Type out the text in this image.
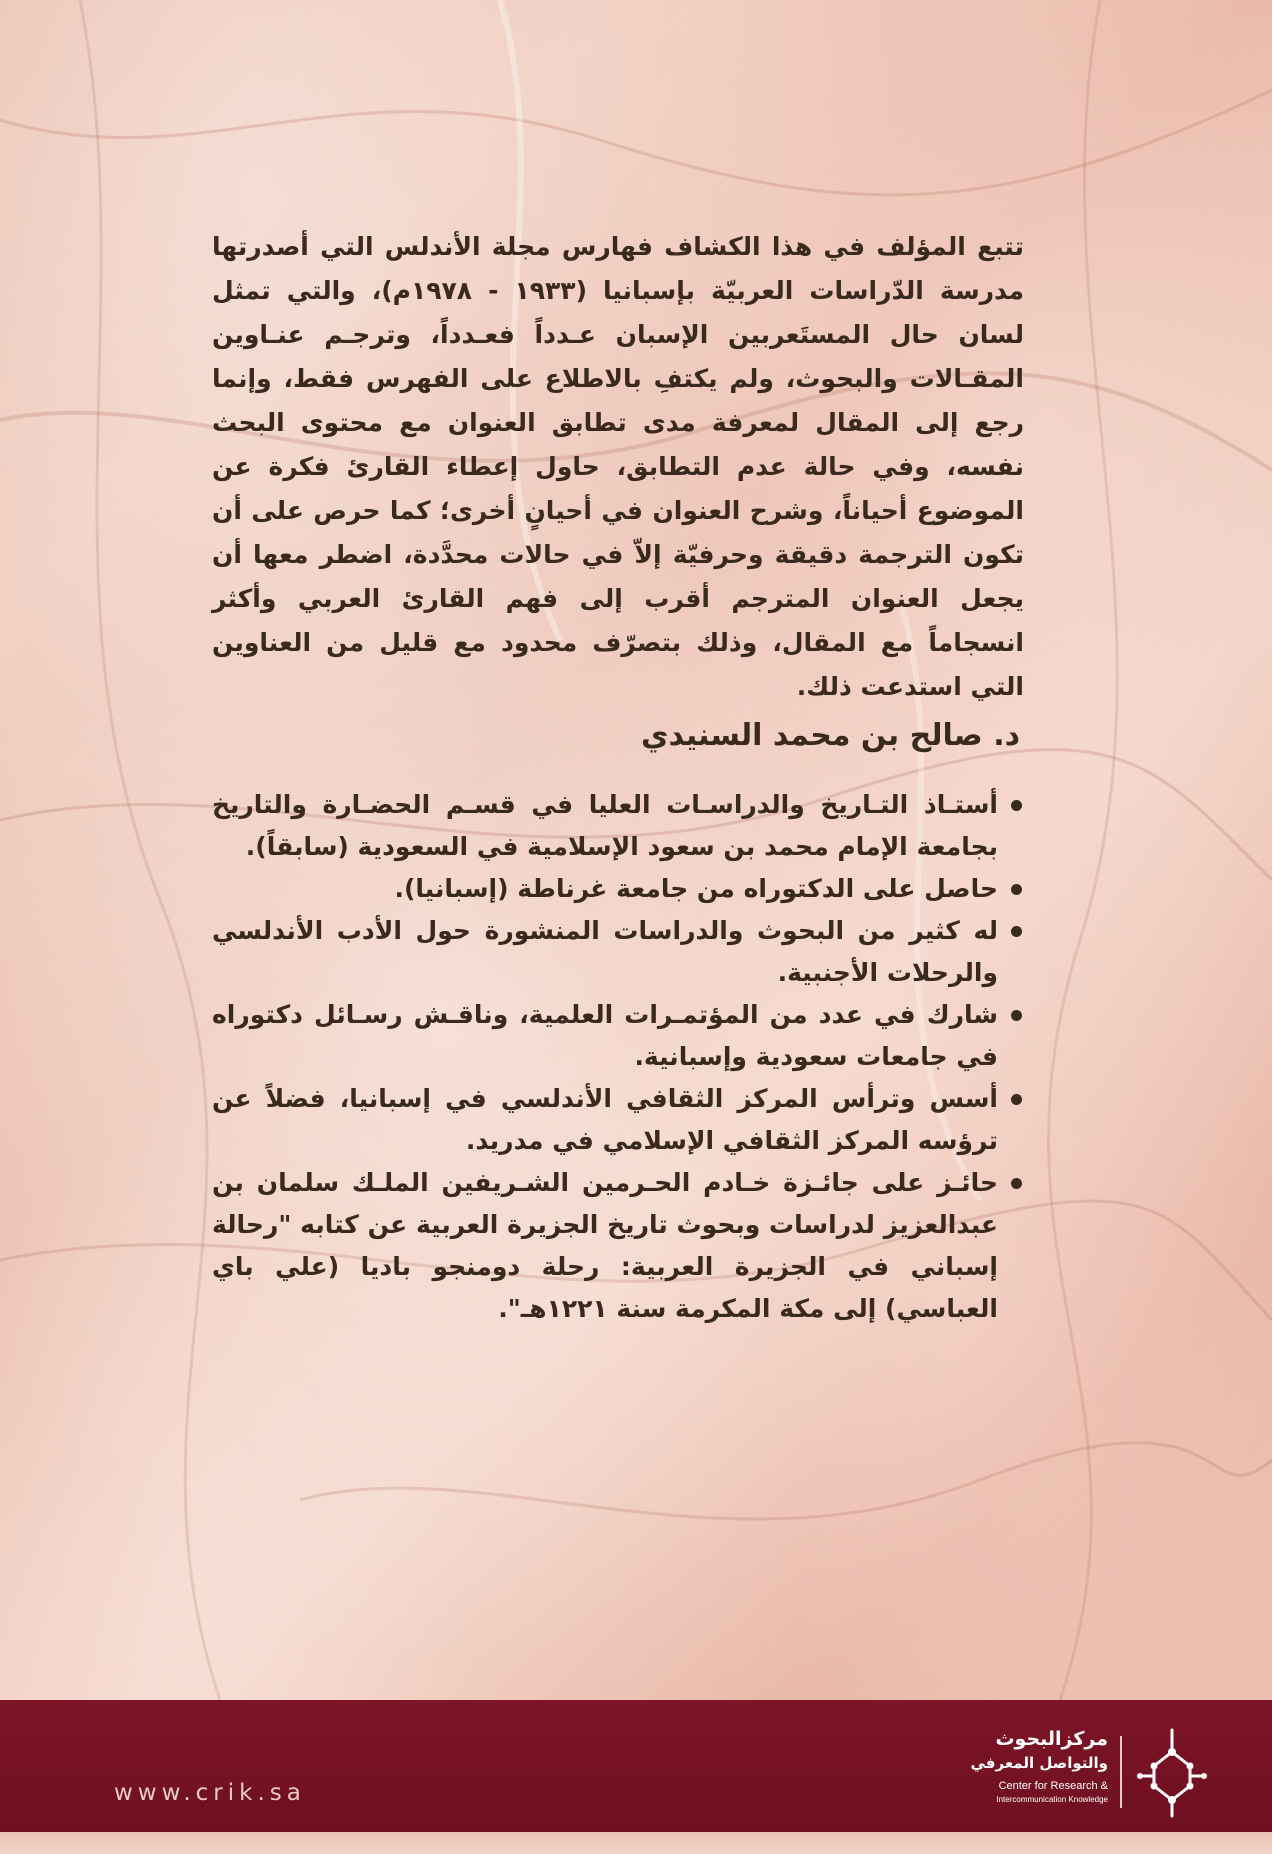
تتبع المؤلف في هذا الكشاف فهارس مجلة الأندلس التي أصدرتها مدرسة الدّراسات العربيّة بإسبانيا (١٩٣٣ - ١٩٧٨م)، والتي تمثل لسان حال المستَعربين الإسبان عـدداً فعـدداً، وترجـم عنـاوين المقـالات والبحوث، ولم يكتفِ بالاطلاع على الفهرس فقط، وإنما رجع إلى المقال لمعرفة مدى تطابق العنوان مع محتوى البحث نفسه، وفي حالة عدم التطابق، حاول إعطاء القارئ فكرة عن الموضوع أحياناً، وشرح العنوان في أحيانٍ أخرى؛ كما حرص على أن تكون الترجمة دقيقة وحرفيّة إلاّ في حالات محدَّدة، اضطر معها أن يجعل العنوان المترجم أقرب إلى فهم القارئ العربي وأكثر انسجاماً مع المقال، وذلك بتصرّف محدود مع قليل من العناوين التي استدعت ذلك.

د. صالح بن محمد السنيدي
أستـاذ التـاريخ والدراسـات العليا في قسـم الحضـارة والتاريخ بجامعة الإمام محمد بن سعود الإسلامية في السعودية (سابقاً).
حاصل على الدكتوراه من جامعة غرناطة (إسبانيا).
له كثير من البحوث والدراسات المنشورة حول الأدب الأندلسي والرحلات الأجنبية.
شارك في عدد من المؤتمـرات العلمية، وناقـش رسـائل دكتوراه في جامعات سعودية وإسبانية.
أسس وترأس المركز الثقافي الأندلسي في إسبانيا، فضلاً عن ترؤسه المركز الثقافي الإسلامي في مدريد.
حائـز على جائـزة خـادم الحـرمين الشـريفين الملـك سلمان بن عبدالعزيز لدراسات وبحوث تاريخ الجزيرة العربية عن كتابه "رحالة إسباني في الجزيرة العربية: رحلة دومنجو باديا (علي باي العباسي) إلى مكة المكرمة سنة ١٢٢١هـ".
www.crik.sa
مركزالبحوث
والتواصل المعرفي
Center for Research &
Intercommunication Knowledge
